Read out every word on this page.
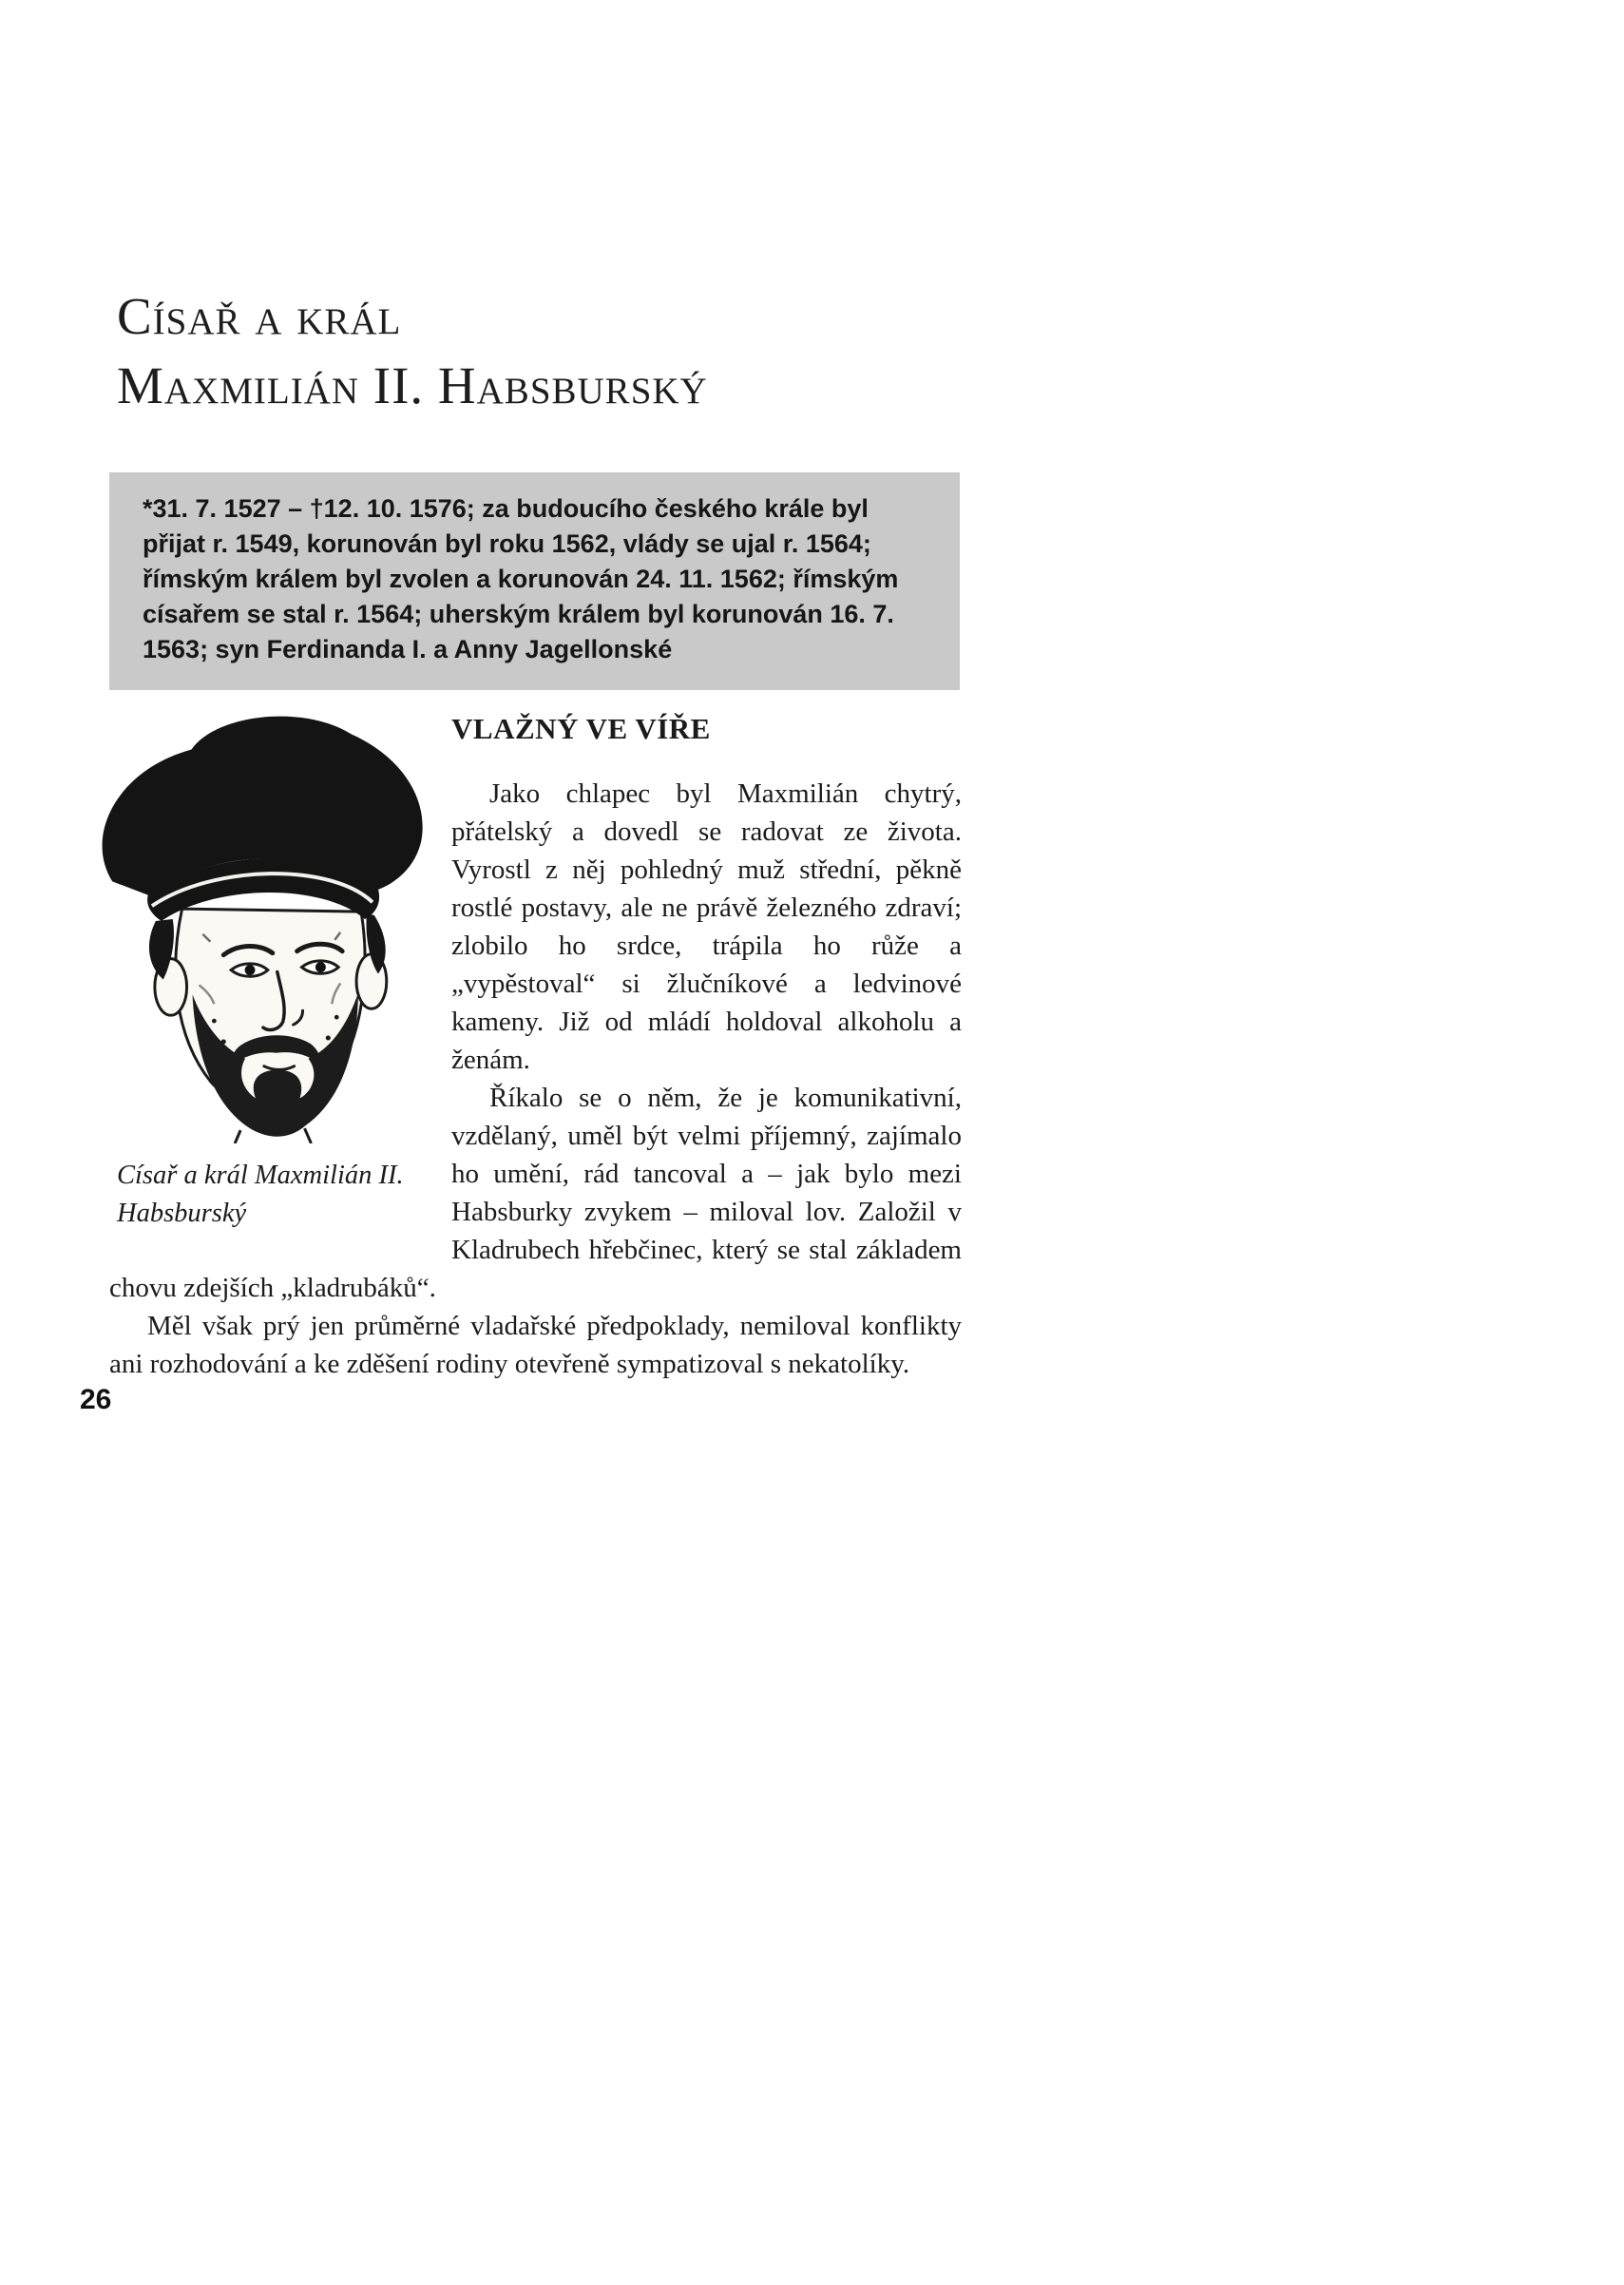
Císař a král
Maxmilián II. Habsburský
*31. 7. 1527 – †12. 10. 1576; za budoucího českého krále byl přijat r. 1549, korunován byl roku 1562, vlády se ujal r. 1564; římským králem byl zvolen a korunován 24. 11. 1562; římským císařem se stal r. 1564; uherským králem byl korunován 16. 7. 1563; syn Ferdinanda I. a Anny Jagellonské
Císař a král Maxmilián II. Habsburský
VLAŽNÝ VE VÍŘE

Jako chlapec byl Maxmilián chytrý, přátelský a dovedl se radovat ze života. Vyrostl z něj pohledný muž střední, pěkně rostlé postavy, ale ne právě železného zdraví; zlobilo ho srdce, trápila ho růže a „vypěstoval“ si žlučníkové a ledvinové kameny. Již od mládí holdoval alkoholu a ženám.

Říkalo se o něm, že je komunikativní, vzdělaný, uměl být velmi příjemný, zajímalo ho umění, rád tancoval a – jak bylo mezi Habsburky zvykem – miloval lov. Založil v Kladrubech hřebčinec, který se stal základem chovu zdejších „kladrubáků“.

Měl však prý jen průměrné vladařské předpoklady, nemiloval konflikty ani rozhodování a ke zděšení rodiny otevřeně sympatizoval s nekatolíky.

26
